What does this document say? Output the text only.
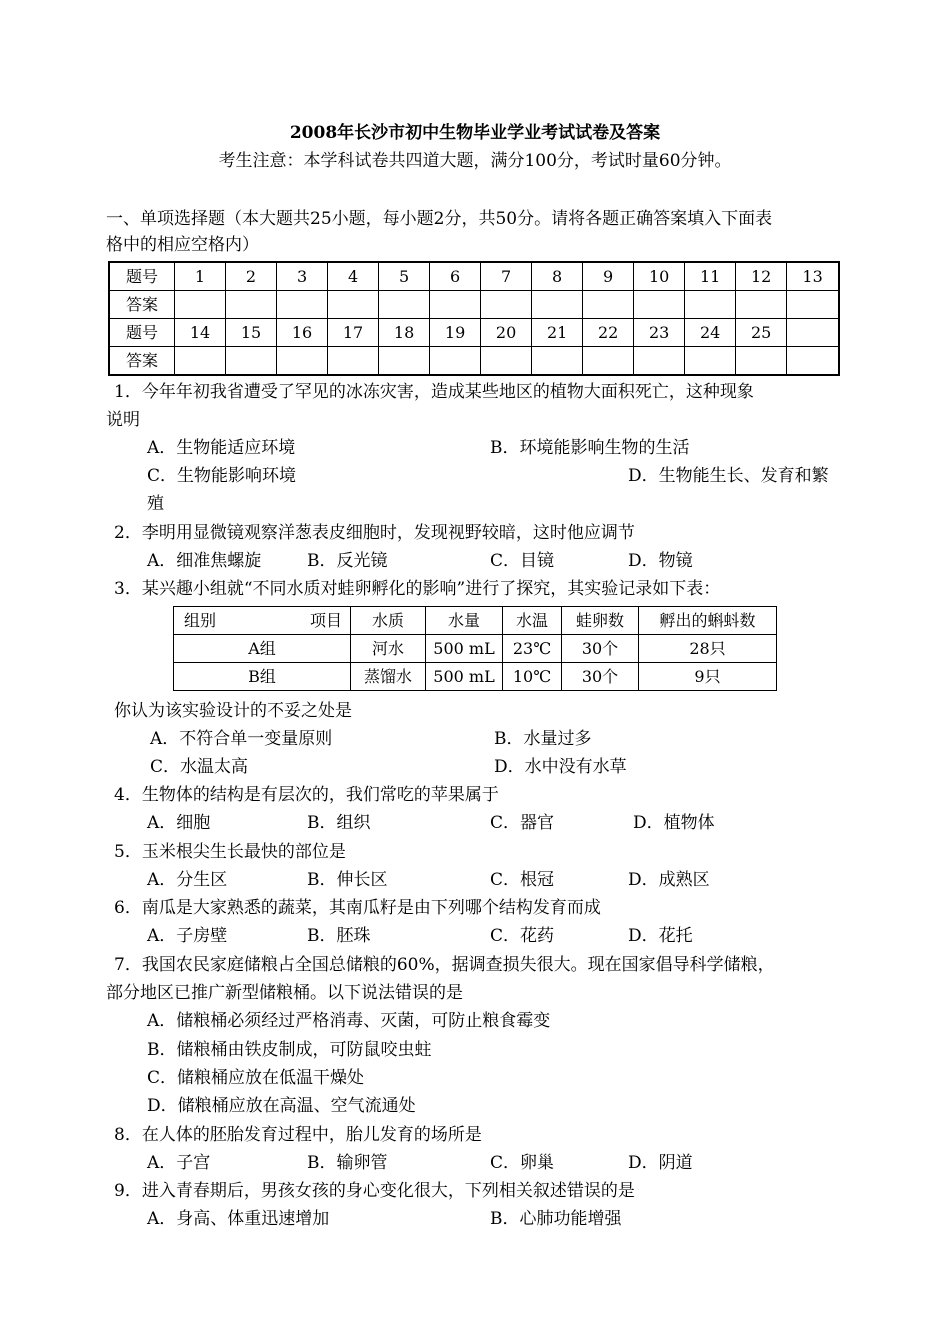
2008年长沙市初中生物毕业学业考试试卷及答案
考生注意：本学科试卷共四道大题，满分100分，考试时量60分钟。
一、单项选择题（本大题共25小题，每小题2分，共50分。请将各题正确答案填入下面表
格中的相应空格内）
题号	1	2	3	4	5	6	7	8	9	10	11	12	13
答案													
题号	14	15	16	17	18	19	20	21	22	23	24	25	
答案													
1．今年年初我省遭受了罕见的冰冻灾害，造成某些地区的植物大面积死亡，这种现象
说明
A．生物能适应环境	B．环境能影响生物的生活
C．生物能影响环境	D．生物能生长、发育和繁
殖
2．李明用显微镜观察洋葱表皮细胞时，发现视野较暗，这时他应调节
A．细准焦螺旋	B．反光镜	C．目镜	D．物镜
3．某兴趣小组就“不同水质对蛙卵孵化的影响”进行了探究，其实验记录如下表：
组别 项目	水质	水量	水温	蛙卵数	孵出的蝌蚪数
A组	河水	500 mL	23℃	30个	28只
B组	蒸馏水	500 mL	10℃	30个	9只
你认为该实验设计的不妥之处是
A．不符合单一变量原则	B．水量过多
C．水温太高	D．水中没有水草
4．生物体的结构是有层次的，我们常吃的苹果属于
A．细胞	B．组织	C．器官	D．植物体
5．玉米根尖生长最快的部位是
A．分生区	B．伸长区	C．根冠	D．成熟区
6．南瓜是大家熟悉的蔬菜，其南瓜籽是由下列哪个结构发育而成
A．子房壁	B．胚珠	C．花药	D．花托
7．我国农民家庭储粮占全国总储粮的60%，据调查损失很大。现在国家倡导科学储粮，
部分地区已推广新型储粮桶。以下说法错误的是
A．储粮桶必须经过严格消毒、灭菌，可防止粮食霉变
B．储粮桶由铁皮制成，可防鼠咬虫蛀
C．储粮桶应放在低温干燥处
D．储粮桶应放在高温、空气流通处
8．在人体的胚胎发育过程中，胎儿发育的场所是
A．子宫	B．输卵管	C．卵巢	D．阴道
9．进入青春期后，男孩女孩的身心变化很大，下列相关叙述错误的是
A．身高、体重迅速增加	B．心肺功能增强
